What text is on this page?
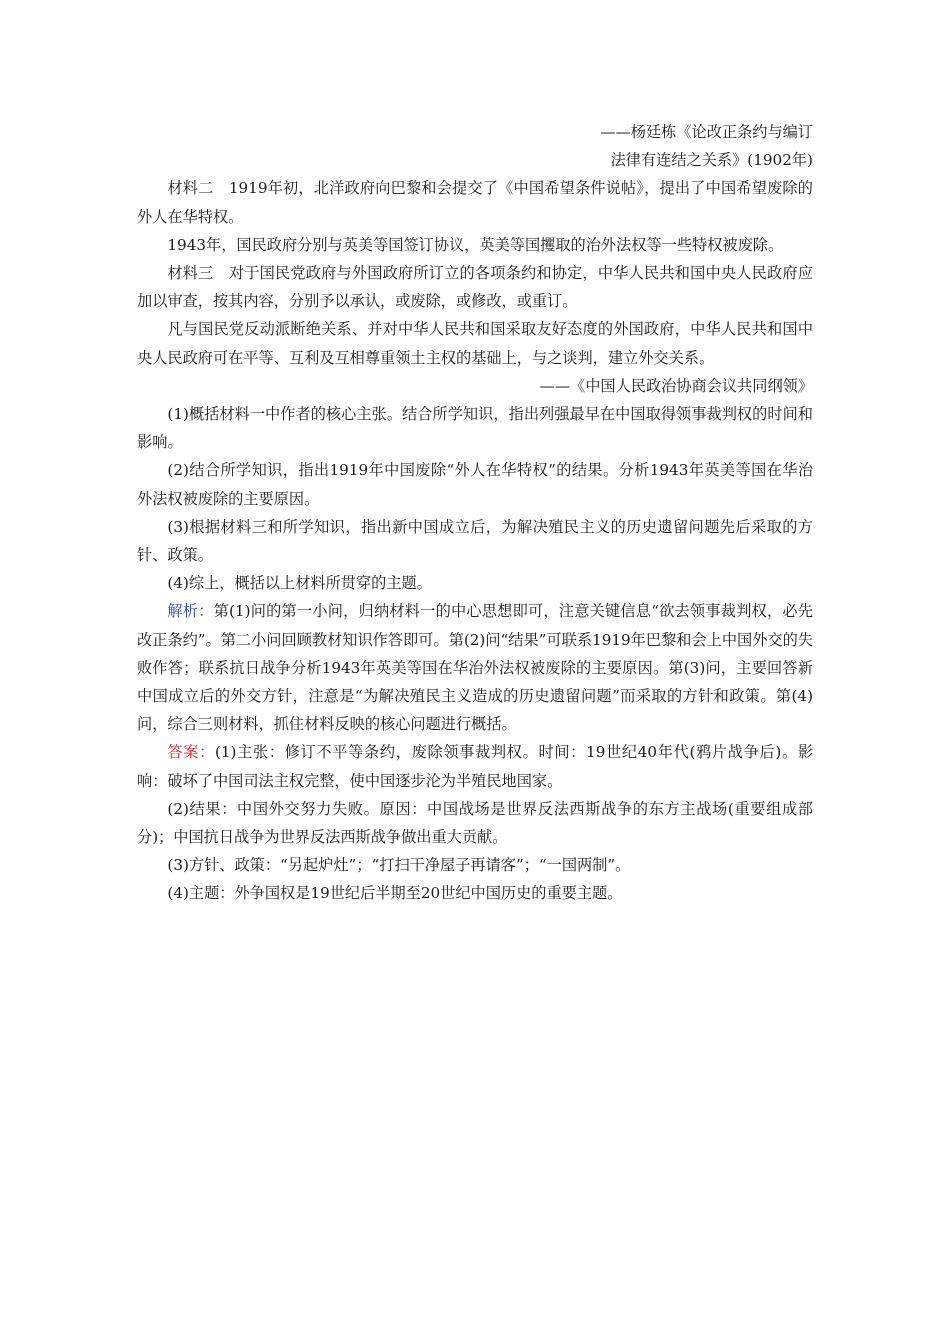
——杨廷栋《论改正条约与编订

法律有连结之关系》(1902年)

材料二　1919年初，北洋政府向巴黎和会提交了《中国希望条件说帖》，提出了中国希望废除的外人在华特权。

1943年，国民政府分别与英美等国签订协议，英美等国攫取的治外法权等一些特权被废除。

材料三　对于国民党政府与外国政府所订立的各项条约和协定，中华人民共和国中央人民政府应加以审查，按其内容，分别予以承认，或废除，或修改，或重订。

凡与国民党反动派断绝关系、并对中华人民共和国采取友好态度的外国政府，中华人民共和国中央人民政府可在平等、互利及互相尊重领土主权的基础上，与之谈判，建立外交关系。

——《中国人民政治协商会议共同纲领》

(1)概括材料一中作者的核心主张。结合所学知识，指出列强最早在中国取得领事裁判权的时间和影响。

(2)结合所学知识，指出1919年中国废除“外人在华特权”的结果。分析1943年英美等国在华治外法权被废除的主要原因。

(3)根据材料三和所学知识，指出新中国成立后，为解决殖民主义的历史遗留问题先后采取的方针、政策。

(4)综上，概括以上材料所贯穿的主题。

解析：第(1)问的第一小问，归纳材料一的中心思想即可，注意关键信息“欲去领事裁判权，必先改正条约”。第二小问回顾教材知识作答即可。第(2)问“结果”可联系1919年巴黎和会上中国外交的失败作答；联系抗日战争分析1943年英美等国在华治外法权被废除的主要原因。第(3)问，主要回答新中国成立后的外交方针，注意是“为解决殖民主义造成的历史遗留问题”而采取的方针和政策。第(4)问，综合三则材料，抓住材料反映的核心问题进行概括。

答案：(1)主张：修订不平等条约，废除领事裁判权。时间：19世纪40年代(鸦片战争后)。影响：破坏了中国司法主权完整，使中国逐步沦为半殖民地国家。

(2)结果：中国外交努力失败。原因：中国战场是世界反法西斯战争的东方主战场(重要组成部分)；中国抗日战争为世界反法西斯战争做出重大贡献。

(3)方针、政策：“另起炉灶”；“打扫干净屋子再请客”；“一国两制”。

(4)主题：外争国权是19世纪后半期至20世纪中国历史的重要主题。
